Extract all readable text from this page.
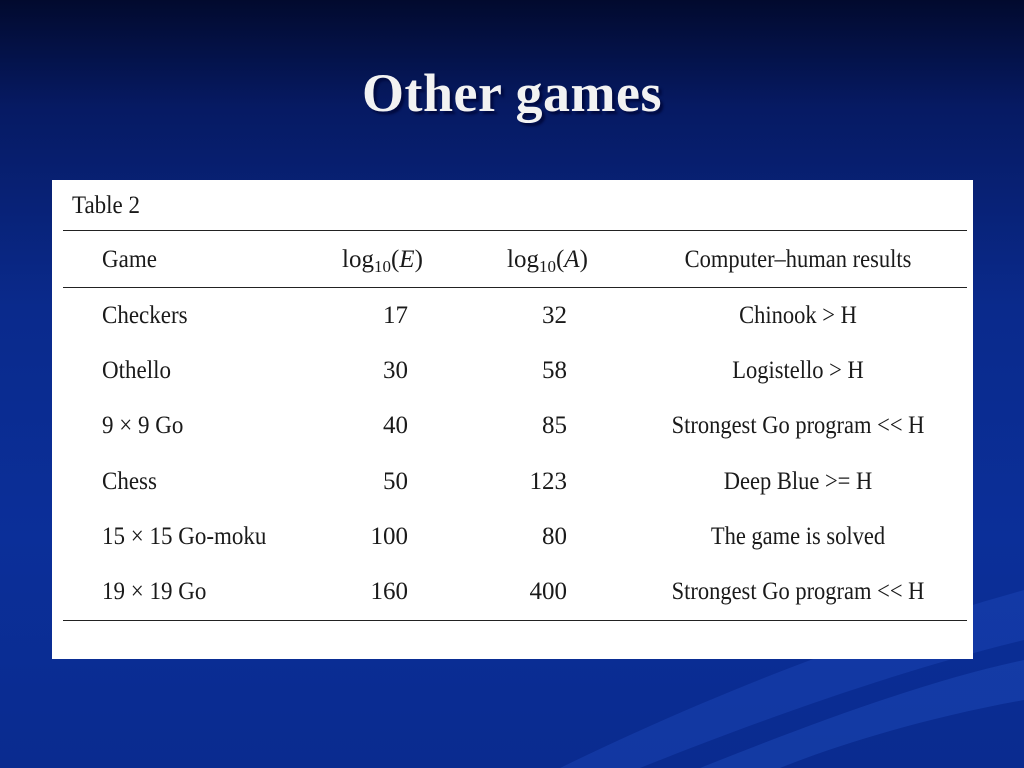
Other games
Table 2
Game	$\log_{10}(E)$	$\log_{10}(A)$	Computer–human results
Checkers	17	32	Chinook > H
Othello	30	58	Logistello > H
9 × 9 Go	40	85	Strongest Go program << H
Chess	50	123	Deep Blue >= H
15 × 15 Go-moku	100	80	The game is solved
19 × 19 Go	160	400	Strongest Go program << H
